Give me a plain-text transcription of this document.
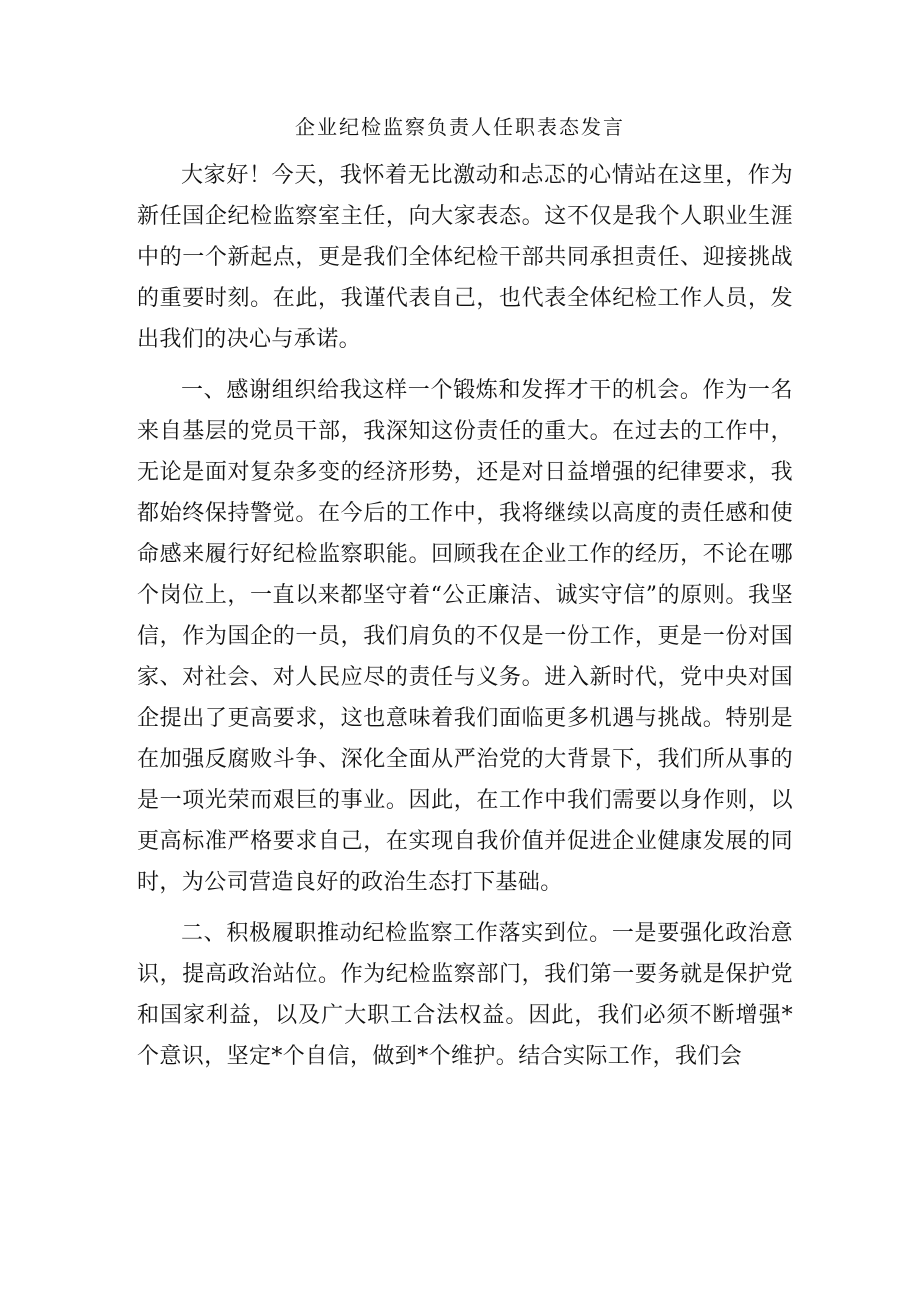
企业纪检监察负责人任职表态发言

大家好！今天，我怀着无比激动和忐忑的心情站在这里，作为新任国企纪检监察室主任，向大家表态。这不仅是我个人职业生涯中的一个新起点，更是我们全体纪检干部共同承担责任、迎接挑战的重要时刻。在此，我谨代表自己，也代表全体纪检工作人员，发出我们的决心与承诺。

一、感谢组织给我这样一个锻炼和发挥才干的机会。作为一名来自基层的党员干部，我深知这份责任的重大。在过去的工作中，无论是面对复杂多变的经济形势，还是对日益增强的纪律要求，我都始终保持警觉。在今后的工作中，我将继续以高度的责任感和使命感来履行好纪检监察职能。回顾我在企业工作的经历，不论在哪个岗位上，一直以来都坚守着“公正廉洁、诚实守信”的原则。我坚信，作为国企的一员，我们肩负的不仅是一份工作，更是一份对国家、对社会、对人民应尽的责任与义务。进入新时代，党中央对国企提出了更高要求，这也意味着我们面临更多机遇与挑战。特别是在加强反腐败斗争、深化全面从严治党的大背景下，我们所从事的是一项光荣而艰巨的事业。因此，在工作中我们需要以身作则，以更高标准严格要求自己，在实现自我价值并促进企业健康发展的同时，为公司营造良好的政治生态打下基础。

二、积极履职推动纪检监察工作落实到位。一是要强化政治意识，提高政治站位。作为纪检监察部门，我们第一要务就是保护党和国家利益，以及广大职工合法权益。因此，我们必须不断增强*个意识，坚定*个自信，做到*个维护。结合实际工作，我们会
